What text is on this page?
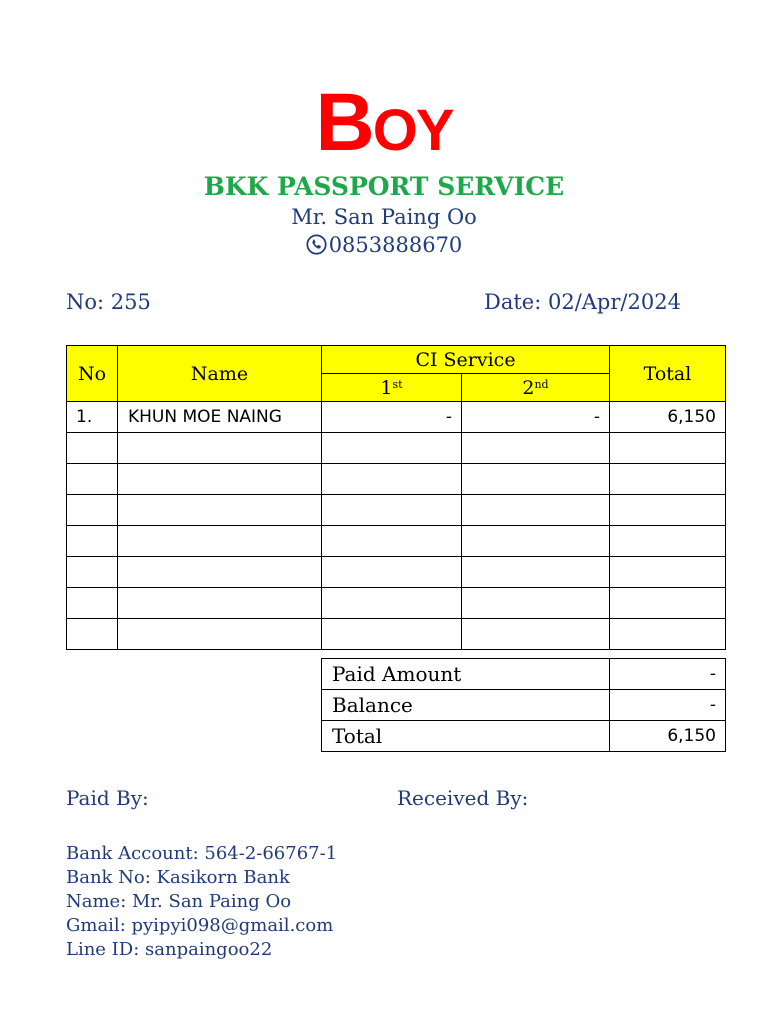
BOY
BKK PASSPORT SERVICE
Mr. San Paing Oo
0853888670
No: 255	Date: 02/Apr/2024
No	Name	CI Service		Total
		1st	2nd
1.	KHUN MOE NAING	-	-	6,150

Paid Amount	-
Balance	-
Total	6,150
Paid By:	Received By:
Bank Account: 564-2-66767-1
Bank No: Kasikorn Bank
Name: Mr. San Paing Oo
Gmail: pyipyi098@gmail.com
Line ID: sanpaingoo22
